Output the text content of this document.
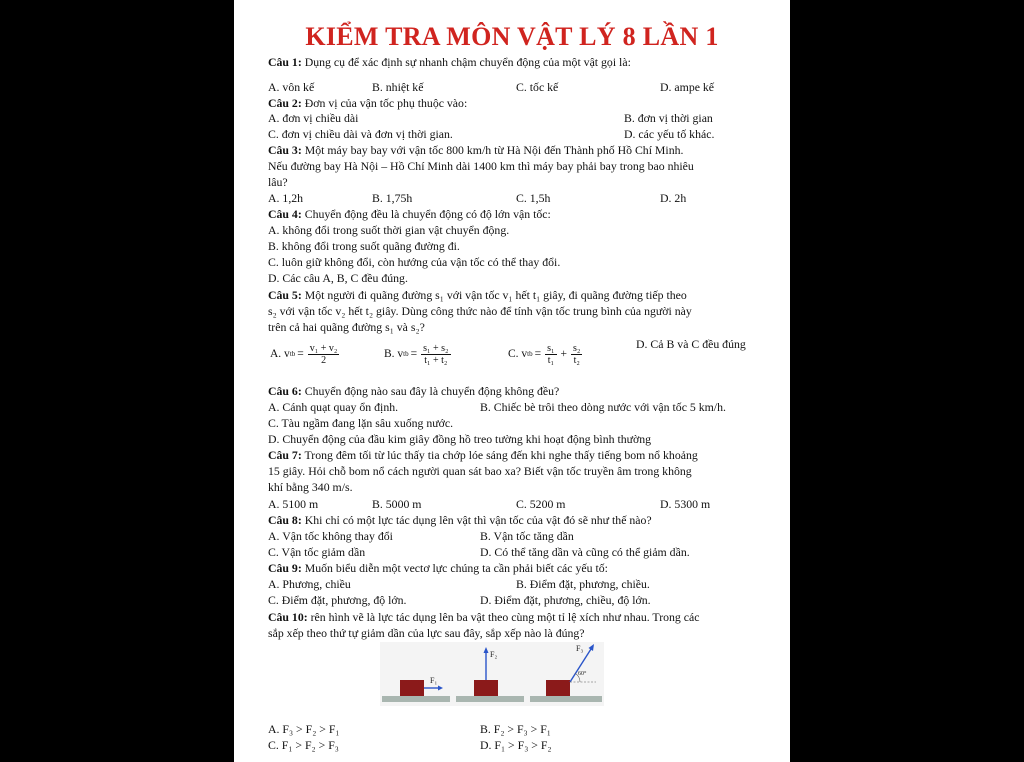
KIỂM TRA MÔN VẬT LÝ 8 LẦN 1
Câu 1: Dụng cụ để xác định sự nhanh chậm chuyển động của một vật gọi là:
A. vôn kế	B. nhiệt kế	C. tốc kế	D. ampe kế
Câu 2: Đơn vị của vận tốc phụ thuộc vào:
A. đơn vị chiều dài	B. đơn vị thời gian
C. đơn vị chiều dài và đơn vị thời gian.	D. các yếu tố khác.
Câu 3: Một máy bay bay với vận tốc 800 km/h từ Hà Nội đến Thành phố Hồ Chí Minh.
Nếu đường bay Hà Nội – Hồ Chí Minh dài 1400 km thì máy bay phải bay trong bao nhiêu
lâu?
A. 1,2h	B. 1,75h	C. 1,5h	D. 2h
Câu 4: Chuyển động đều là chuyển động có độ lớn vận tốc:
A. không đổi trong suốt thời gian vật chuyển động.
B. không đổi trong suốt quãng đường đi.
C. luôn giữ không đổi, còn hướng của vận tốc có thể thay đổi.
D. Các câu A, B, C đều đúng.
Câu 5: Một người đi quãng đường s₁ với vận tốc v₁ hết t₁ giây, đi quãng đường tiếp theo
s₂ với vận tốc v₂ hết t₂ giây. Dùng công thức nào để tính vận tốc trung bình của người này
trên cả hai quãng đường s₁ và s₂?
A. v tb = $\frac{\text{v₁ + v₂}}{2}$	B. v tb = $\frac{\text{s₁ + s₂}}{\text{t₁ + t₂}}$	C. v tb = $\frac{\text{s₁}}{\text{t₁}} + \frac{\text{s₂}}{\text{t₂}}$	D. Cả B và C đều đúng
Câu 6: Chuyển động nào sau đây là chuyển động không đều?
A. Cánh quạt quay ổn định.	B. Chiếc bè trôi theo dòng nước với vận tốc 5 km/h.
C. Tàu ngầm đang lặn sâu xuống nước.
D. Chuyển động của đầu kim giây đồng hồ treo tường khi hoạt động bình thường
Câu 7: Trong đêm tối từ lúc thấy tia chớp lóe sáng đến khi nghe thấy tiếng bom nổ khoảng
15 giây. Hỏi chỗ bom nổ cách người quan sát bao xa? Biết vận tốc truyền âm trong không
khí bằng 340 m/s.
A. 5100 m	B. 5000 m	C. 5200 m	D. 5300 m
Câu 8: Khi chỉ có một lực tác dụng lên vật thì vận tốc của vật đó sẽ như thế nào?
A. Vận tốc không thay đổi	B. Vận tốc tăng dần
C. Vận tốc giảm dần	D. Có thể tăng dần và cũng có thể giảm dần.
Câu 9: Muốn biểu diễn một vectơ lực chúng ta cần phải biết các yếu tố:
A. Phương, chiều	B. Điểm đặt, phương, chiều.
C. Điểm đặt, phương, độ lớn.	D. Điểm đặt, phương, chiều, độ lớn.
Câu 10: rên hình vẽ là lực tác dụng lên ba vật theo cùng một tỉ lệ xích như nhau. Trong các
sắp xếp theo thứ tự giảm dần của lực sau đây, sắp xếp nào là đúng?
F₁
F₂
F₃
60°
A. F₃ > F₂ > F₁	B. F₂ > F₃ > F₁
C. F₁ > F₂ > F₃	D. F₁ > F₃ > F₂
